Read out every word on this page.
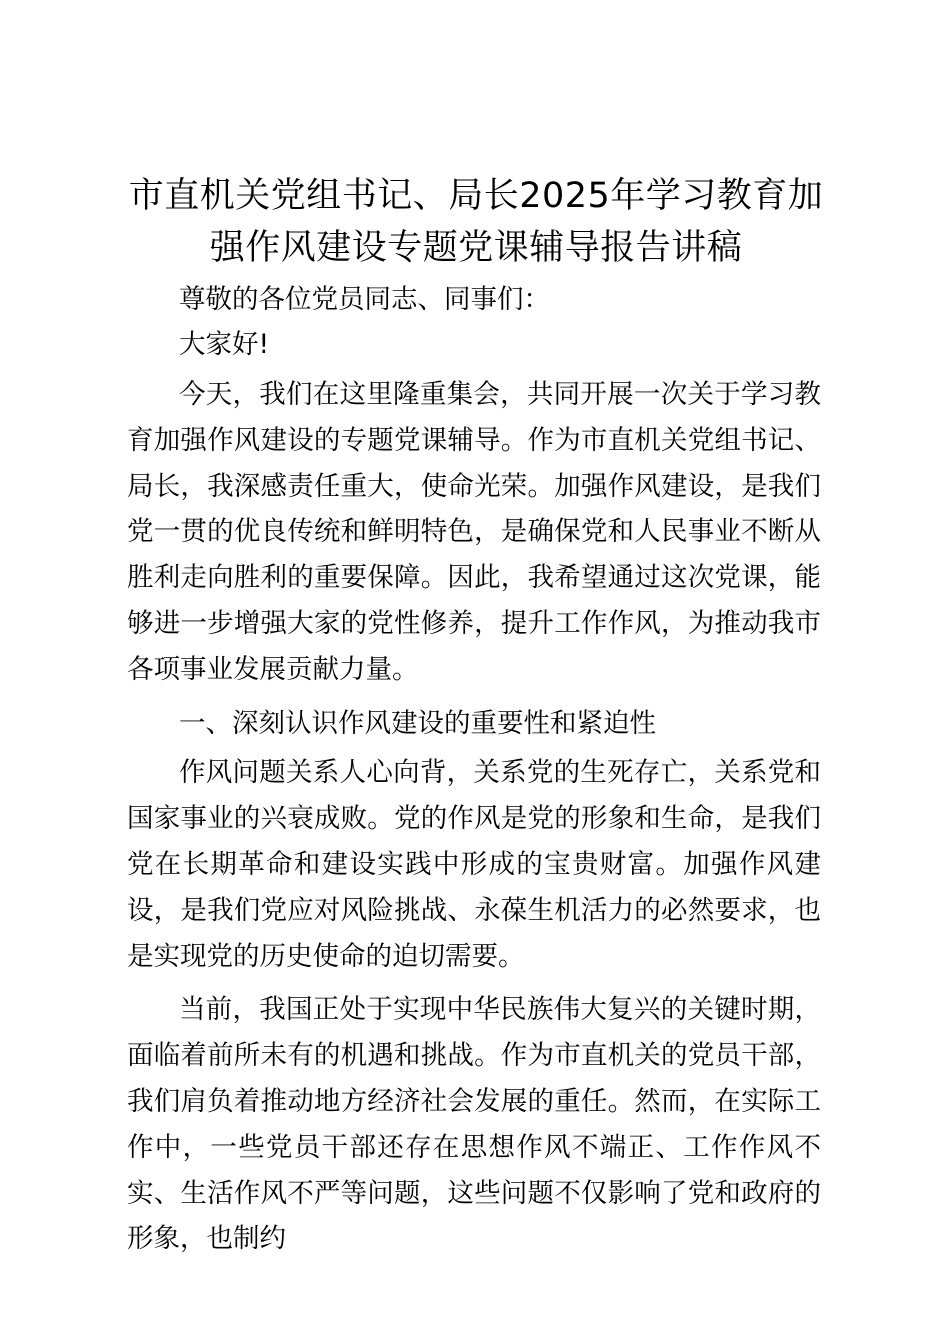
市直机关党组书记、局长2025年学习教育加强作风建设专题党课辅导报告讲稿

尊敬的各位党员同志、同事们：

大家好!

今天，我们在这里隆重集会，共同开展一次关于学习教育加强作风建设的专题党课辅导。作为市直机关党组书记、局长，我深感责任重大，使命光荣。加强作风建设，是我们党一贯的优良传统和鲜明特色，是确保党和人民事业不断从胜利走向胜利的重要保障。因此，我希望通过这次党课，能够进一步增强大家的党性修养，提升工作作风，为推动我市各项事业发展贡献力量。

一、深刻认识作风建设的重要性和紧迫性

作风问题关系人心向背，关系党的生死存亡，关系党和国家事业的兴衰成败。党的作风是党的形象和生命，是我们党在长期革命和建设实践中形成的宝贵财富。加强作风建设，是我们党应对风险挑战、永葆生机活力的必然要求，也是实现党的历史使命的迫切需要。

当前，我国正处于实现中华民族伟大复兴的关键时期，面临着前所未有的机遇和挑战。作为市直机关的党员干部，我们肩负着推动地方经济社会发展的重任。然而，在实际工作中，一些党员干部还存在思想作风不端正、工作作风不实、生活作风不严等问题，这些问题不仅影响了党和政府的形象，也制约
